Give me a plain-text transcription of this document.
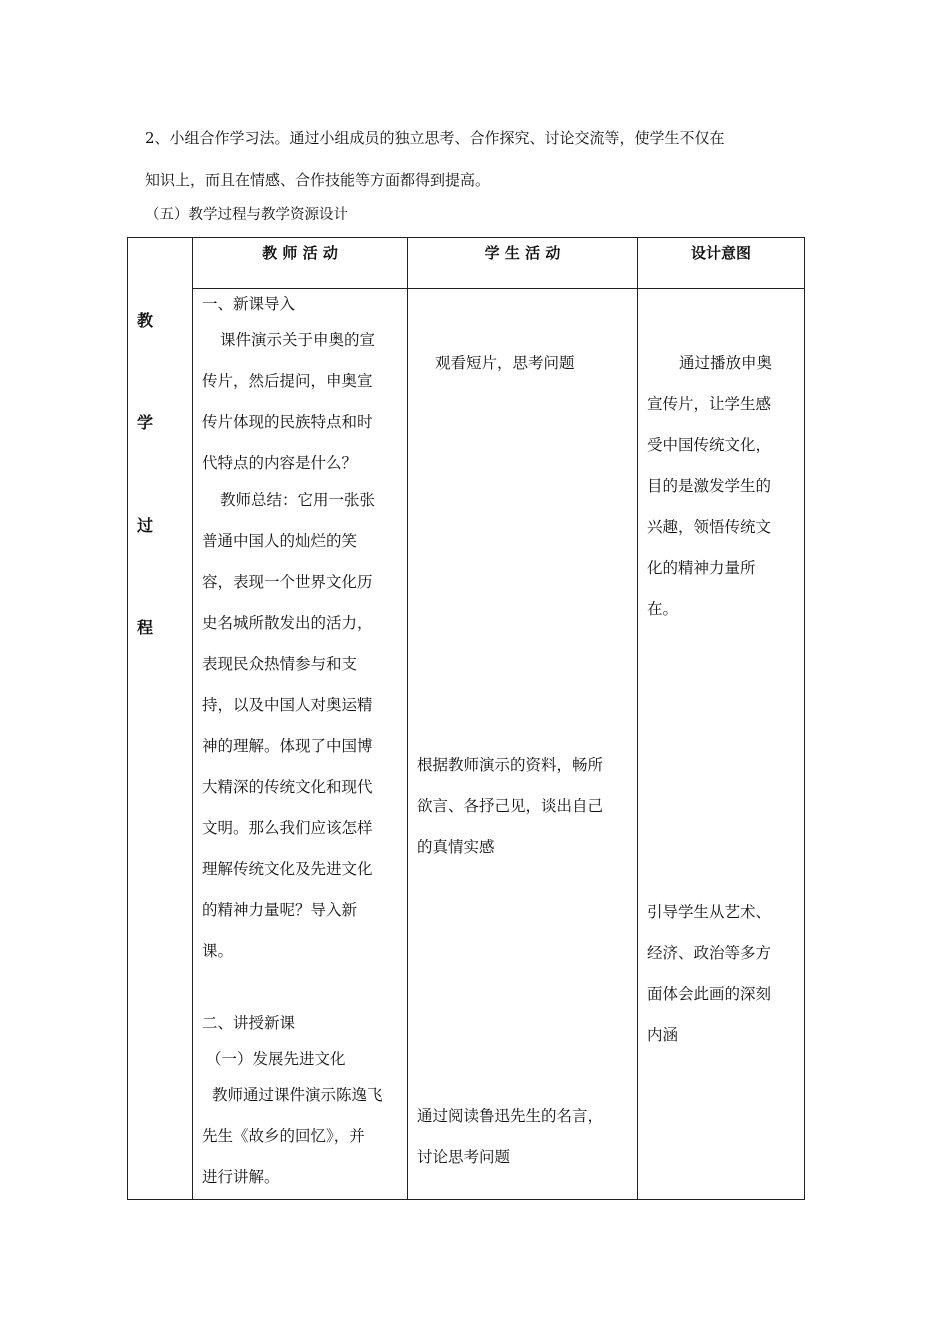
2、小组合作学习法。通过小组成员的独立思考、合作探究、讨论交流等，使学生不仅在
知识上，而且在情感、合作技能等方面都得到提高。
（五）教学过程与教学资源设计
教 师 活 动	学 生 活 动	设计意图
教
学
过
程
一、新课导入
课件演示关于申奥的宣
传片，然后提问，申奥宣
传片体现的民族特点和时
代特点的内容是什么？
教师总结：它用一张张
普通中国人的灿烂的笑
容，表现一个世界文化历
史名城所散发出的活力，
表现民众热情参与和支
持，以及中国人对奥运精
神的理解。体现了中国博
大精深的传统文化和现代
文明。那么我们应该怎样
理解传统文化及先进文化
的精神力量呢？导入新
课。
二、讲授新课
（一）发展先进文化
教师通过课件演示陈逸飞
先生《故乡的回忆》，并
进行讲解。
观看短片，思考问题
根据教师演示的资料，畅所
欲言、各抒己见，谈出自己
的真情实感
通过阅读鲁迅先生的名言，
讨论思考问题
通过播放申奥
宣传片，让学生感
受中国传统文化，
目的是激发学生的
兴趣，领悟传统文
化的精神力量所
在。
引导学生从艺术、
经济、政治等多方
面体会此画的深刻
内涵
